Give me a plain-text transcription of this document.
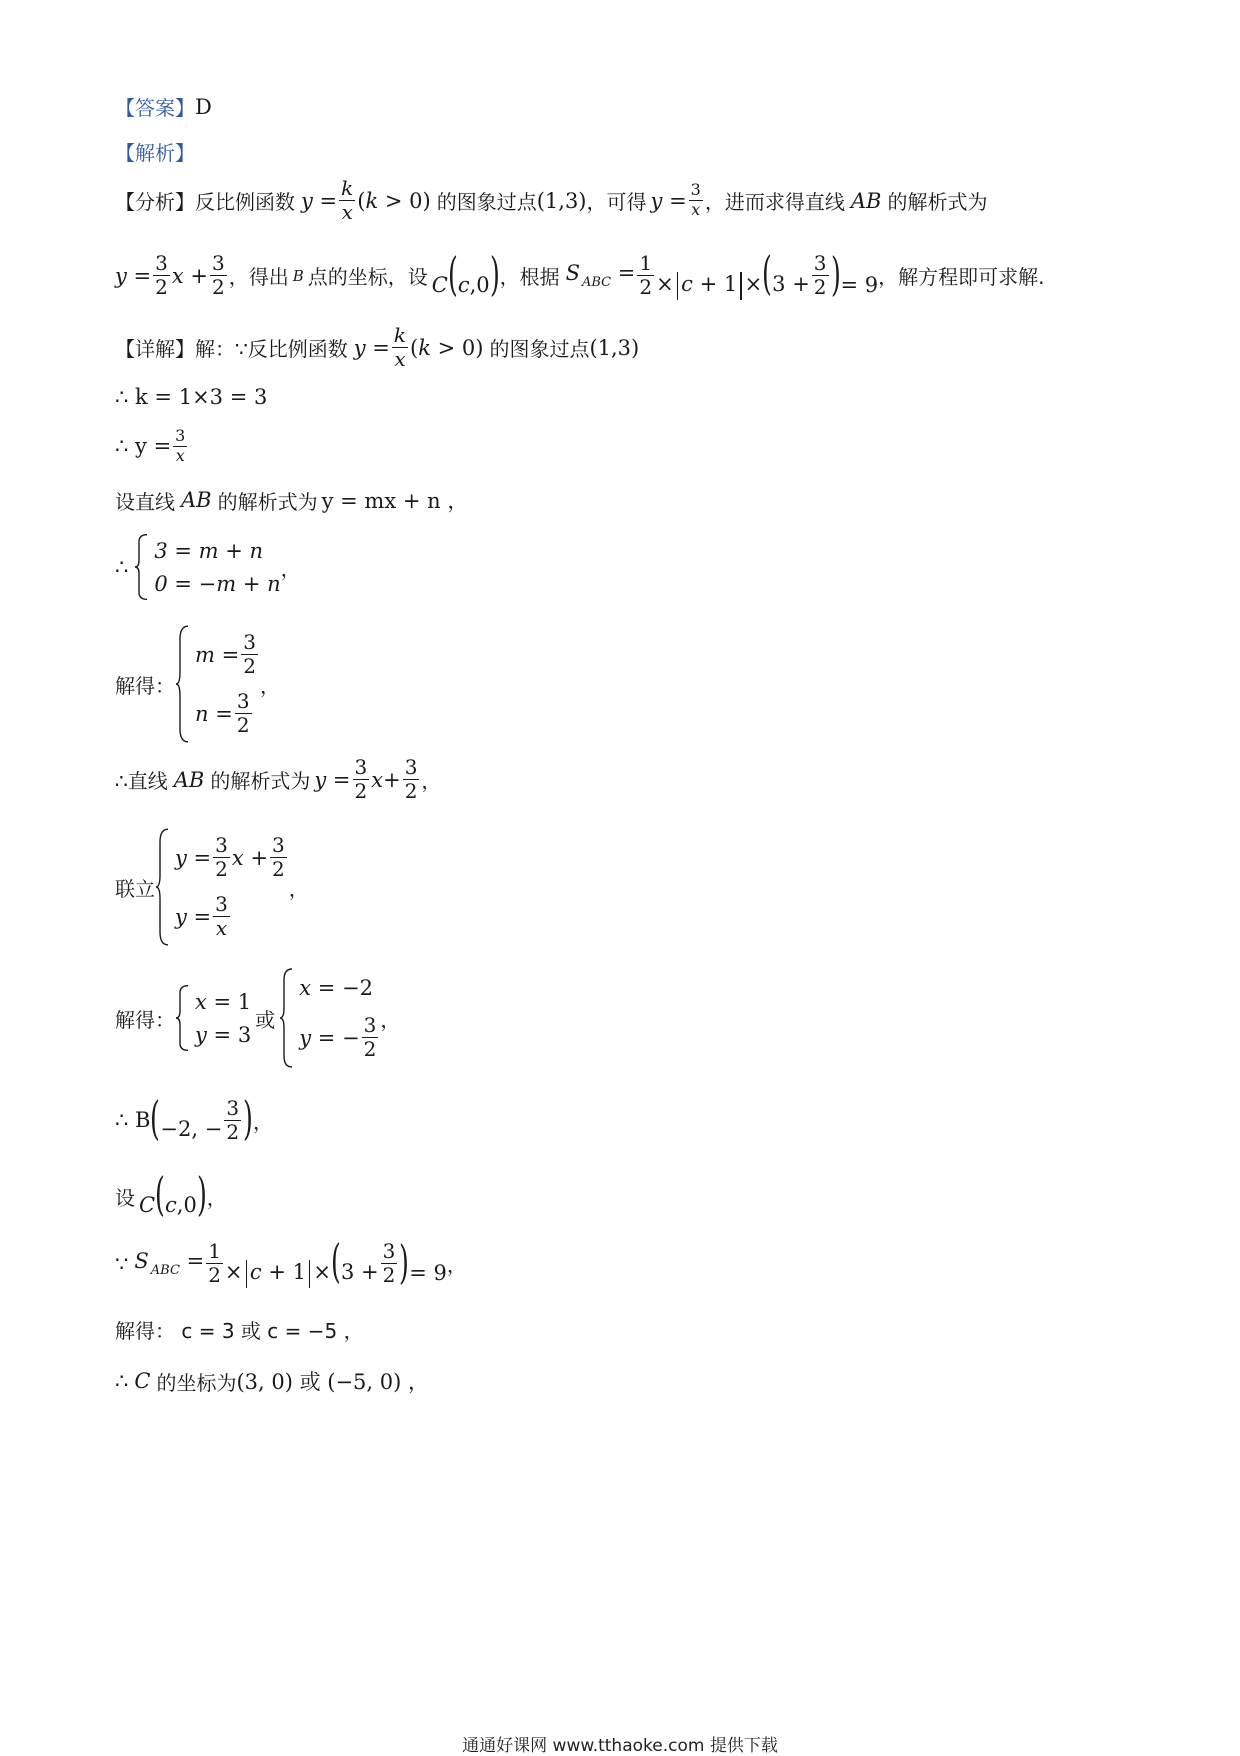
【答案】 D
【解析】
【分析】 反比例函数 $y = \frac{k}{x} (k > 0)$ 的图象过点 (1,3) ，可得 $y = \frac{3}{x}$ ，进而求得直线 AB 的解析式为
$y = \frac{3}{2}$ $x + \frac{3}{2}$ ，得出 B 点的坐标，设 C(c,0) ，根据 S $_{ABC} = \frac{1}{2} \times c + 1 \times(3 + \frac{3}{2}$ )= 9 ，解方程即可求解.
【详解】 解：∵反比例函数 $y = \frac{k}{x} (k > 0)$ 的图象过点 (1,3)
∴ k = 1×3 = 3
∴ $y = \frac{3}{x}$
设直线 AB 的解析式为 y = mx + n ，
∴
3 = m + n
0 = −m + n
，
解得：
$m = \frac{3}{2}$
$n = \frac{3}{2}$
，
∴直线 AB 的解析式为 $y = \frac{3}{2}$ $x + \frac{3}{2}$ ，
联立
$y = \frac{3}{2}$ $x + \frac{3}{2}$
$y = \frac{3}{x}$
，
解得：
x = 1
y = 3
或
x = −2
y = − $\frac{3}{2}$ ，
∴ B (−2, − $\frac{3}{2}$ ) ，
设 C(c,0) ，
∵ S $_{ABC} = \frac{1}{2} \times c + 1 \times(3 + \frac{3}{2}$ )= 9 ，
解得： c = 3 或 c = −5 ，
∴ C 的坐标为 (3, 0) 或 (−5, 0) ，
通通好课网 www.tthaoke.com 提供下载
